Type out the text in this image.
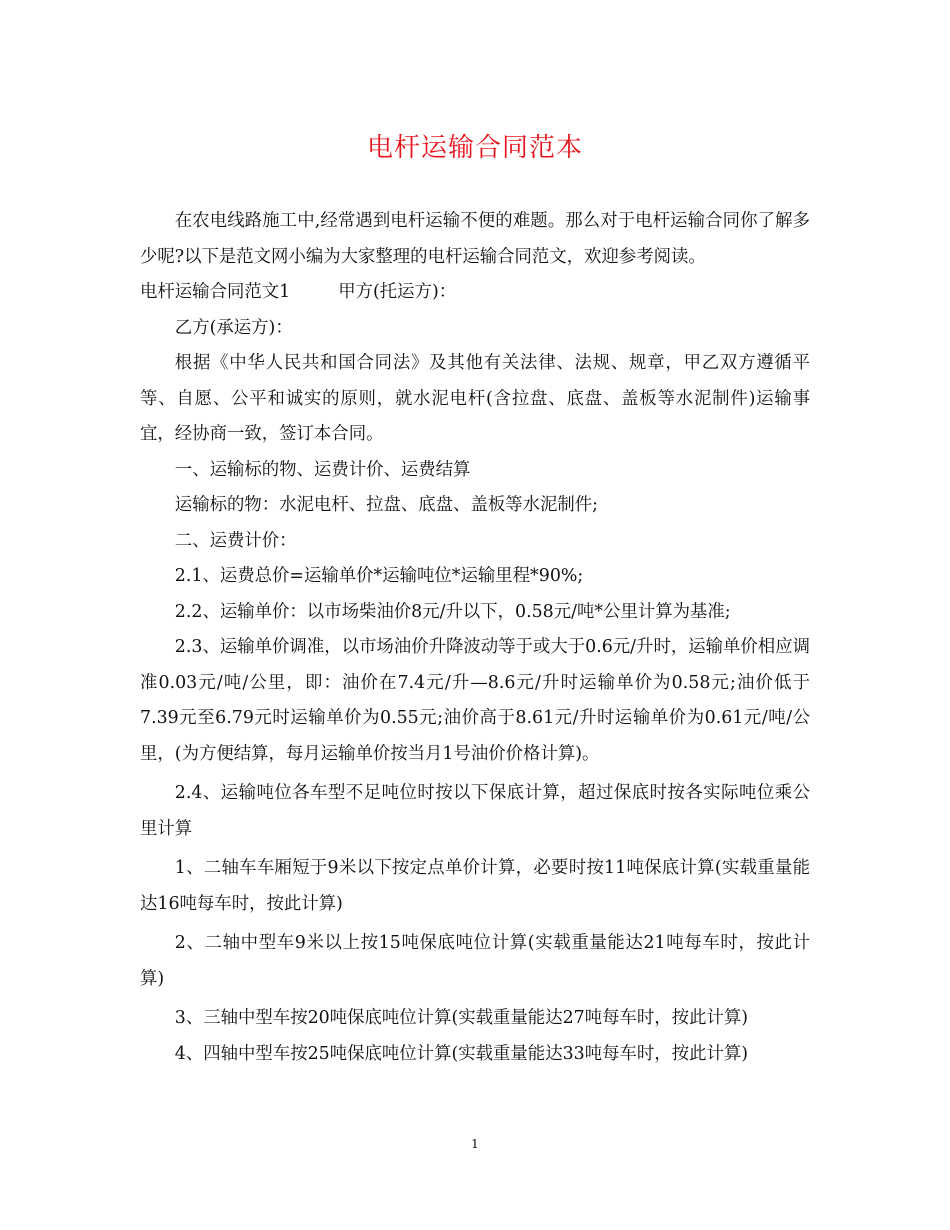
电杆运输合同范本

在农电线路施工中,经常遇到电杆运输不便的难题。那么对于电杆运输合同你了解多少呢?以下是范文网小编为大家整理的电杆运输合同范文，欢迎参考阅读。

电杆运输合同范文1	甲方(托运方)：

乙方(承运方)：

根据《中华人民共和国合同法》及其他有关法律、法规、规章，甲乙双方遵循平等、自愿、公平和诚实的原则，就水泥电杆(含拉盘、底盘、盖板等水泥制件)运输事宜，经协商一致，签订本合同。

一、运输标的物、运费计价、运费结算

运输标的物：水泥电杆、拉盘、底盘、盖板等水泥制件;

二、运费计价：

2.1、运费总价=运输单价*运输吨位*运输里程*90%;

2.2、运输单价：以市场柴油价8元/升以下，0.58元/吨*公里计算为基准;

2.3、运输单价调准，以市场油价升降波动等于或大于0.6元/升时，运输单价相应调准0.03元/吨/公里，即：油价在7.4元/升—8.6元/升时运输单价为0.58元;油价低于7.39元至6.79元时运输单价为0.55元;油价高于8.61元/升时运输单价为0.61元/吨/公里，(为方便结算，每月运输单价按当月1号油价价格计算)。

2.4、运输吨位各车型不足吨位时按以下保底计算，超过保底时按各实际吨位乘公里计算

1、二轴车车厢短于9米以下按定点单价计算，必要时按11吨保底计算(实载重量能达16吨每车时，按此计算)

2、二轴中型车9米以上按15吨保底吨位计算(实载重量能达21吨每车时，按此计算)

3、三轴中型车按20吨保底吨位计算(实载重量能达27吨每车时，按此计算)

4、四轴中型车按25吨保底吨位计算(实载重量能达33吨每车时，按此计算)

1
